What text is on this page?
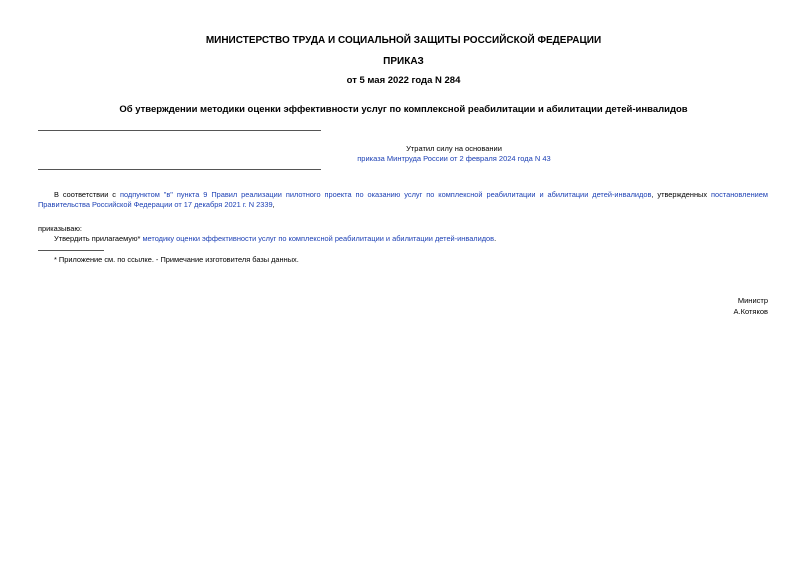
МИНИСТЕРСТВО ТРУДА И СОЦИАЛЬНОЙ ЗАЩИТЫ РОССИЙСКОЙ ФЕДЕРАЦИИ
ПРИКАЗ
от 5 мая 2022 года N 284
Об утверждении методики оценки эффективности услуг по комплексной реабилитации и абилитации детей-инвалидов
Утратил силу на основании
приказа Минтруда России от 2 февраля 2024 года N 43
В соответствии с подпунктом "в" пункта 9 Правил реализации пилотного проекта по оказанию услуг по комплексной реабилитации и абилитации детей-инвалидов, утвержденных постановлением Правительства Российской Федерации от 17 декабря 2021 г. N 2339,
приказываю:
Утвердить прилагаемую* методику оценки эффективности услуг по комплексной реабилитации и абилитации детей-инвалидов.
* Приложение см. по ссылке. - Примечание изготовителя базы данных.
Министр
А.Котяков
